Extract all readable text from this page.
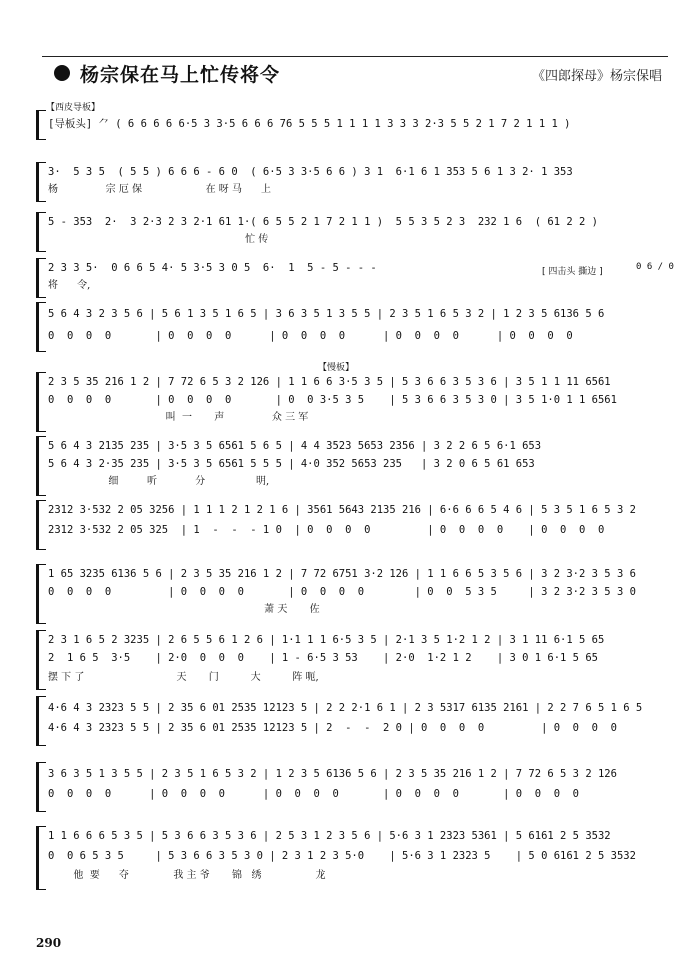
杨宗保在马上忙传将令	《四郎探母》杨宗保唱
【西皮导板】
[导板头] ⺈ ( 6 6 6 6 6·5 3 3·5 6 6 6 76 5 5 5 1 1 1 1 3 3 3 2·3 5 5 2 1 7 2 1 1 1 )
3·  5 3 5  ( 5 5 ) 6 6 6 - 6 0  ( 6·5 3 3·5 6 6 ) 3 1  6·1 6 1 353 5 6 1 3 2· 1 353
杨               宗 厄 保                    在 呀 马      上
5 - 353  2·  3 2·3 2 3 2·1 61 1·( 6 5 5 2 1 7 2 1 1 )  5 5 3 5 2 3  232 1 6  ( 61 2 2 )
忙 传
2 3 3 5·  0 6 6 5 4· 5 3·5 3 0 5  6·  1  5 - 5 - - -
将      令,
[ 四击头 撕边 ]	0 6 / 0
5 6 4 3 2 3 5 6 | 5 6 1 3 5 1 6 5 | 3 6 3 5 1 3 5 5 | 2 3 5 1 6 5 3 2 | 1 2 3 5 6136 5 6
0  0  0  0       | 0  0  0  0      | 0  0  0  0      | 0  0  0  0      | 0  0  0  0
【慢板】
2 3 5 35 216 1 2 | 7 72 6 5 3 2 126 | 1 1 6 6 3·5 3 5 | 5 3 6 6 3 5 3 6 | 3 5 1 1 11 6561
0  0  0  0       | 0  0  0  0       | 0  0 3·5 3 5    | 5 3 6 6 3 5 3 0 | 3 5 1·0 1 1 6561
叫  一       声               众 三 军
5 6 4 3 2135 235 | 3·5 3 5 6561 5 6 5 | 4 4 3523 5653 2356 | 3 2 2 6 5 6·1 653
5 6 4 3 2·35 235 | 3·5 3 5 6561 5 5 5 | 4·0 352 5653 235   | 3 2 0 6 5 61 653
细         听            分                明,
2312 3·532 2 05 3256 | 1 1 1 2 1 2 1 6 | 3561 5643 2135 216 | 6·6 6 6 5 4 6 | 5 3 5 1 6 5 3 2
2312 3·532 2 05 325  | 1  -  -  - 1 0  | 0  0  0  0         | 0  0  0  0    | 0  0  0  0
1 65 3235 6136 5 6 | 2 3 5 35 216 1 2 | 7 72 6751 3·2 126 | 1 1 6 6 5 3 5 6 | 3 2 3·2 3 5 3 6
0  0  0  0         | 0  0  0  0       | 0  0  0  0        | 0  0  5 3 5     | 3 2 3·2 3 5 3 0
萧 天       佐
2 3 1 6 5 2 3235 | 2 6 5 5 6 1 2 6 | 1·1 1 1 6·5 3 5 | 2·1 3 5 1·2 1 2 | 3 1 11 6·1 5 65
2  1 6 5  3·5    | 2·0  0  0  0    | 1 - 6·5 3 53    | 2·0  1·2 1 2    | 3 0 1 6·1 5 65
摆 下 了                             天       门          大          阵 呃,
4·6 4 3 2323 5 5 | 2 35 6 01 2535 12123 5 | 2 2 2·1 6 1 | 2 3 5317 6135 2161 | 2 2 7 6 5 1 6 5
4·6 4 3 2323 5 5 | 2 35 6 01 2535 12123 5 | 2  -  -  2 0 | 0  0  0  0         | 0  0  0  0
3 6 3 5 1 3 5 5 | 2 3 5 1 6 5 3 2 | 1 2 3 5 6136 5 6 | 2 3 5 35 216 1 2 | 7 72 6 5 3 2 126
0  0  0  0      | 0  0  0  0      | 0  0  0  0       | 0  0  0  0       | 0  0  0  0
1 1 6 6 6 5 3 5 | 5 3 6 6 3 5 3 6 | 2 5 3 1 2 3 5 6 | 5·6 3 1 2323 5361 | 5 6161 2 5 3532
0  0 6 5 3 5     | 5 3 6 6 3 5 3 0 | 2 3 1 2 3 5·0    | 5·6 3 1 2323 5    | 5 0 6161 2 5 3532
他  要      夺              我 主 爷       锦   绣                 龙
290
